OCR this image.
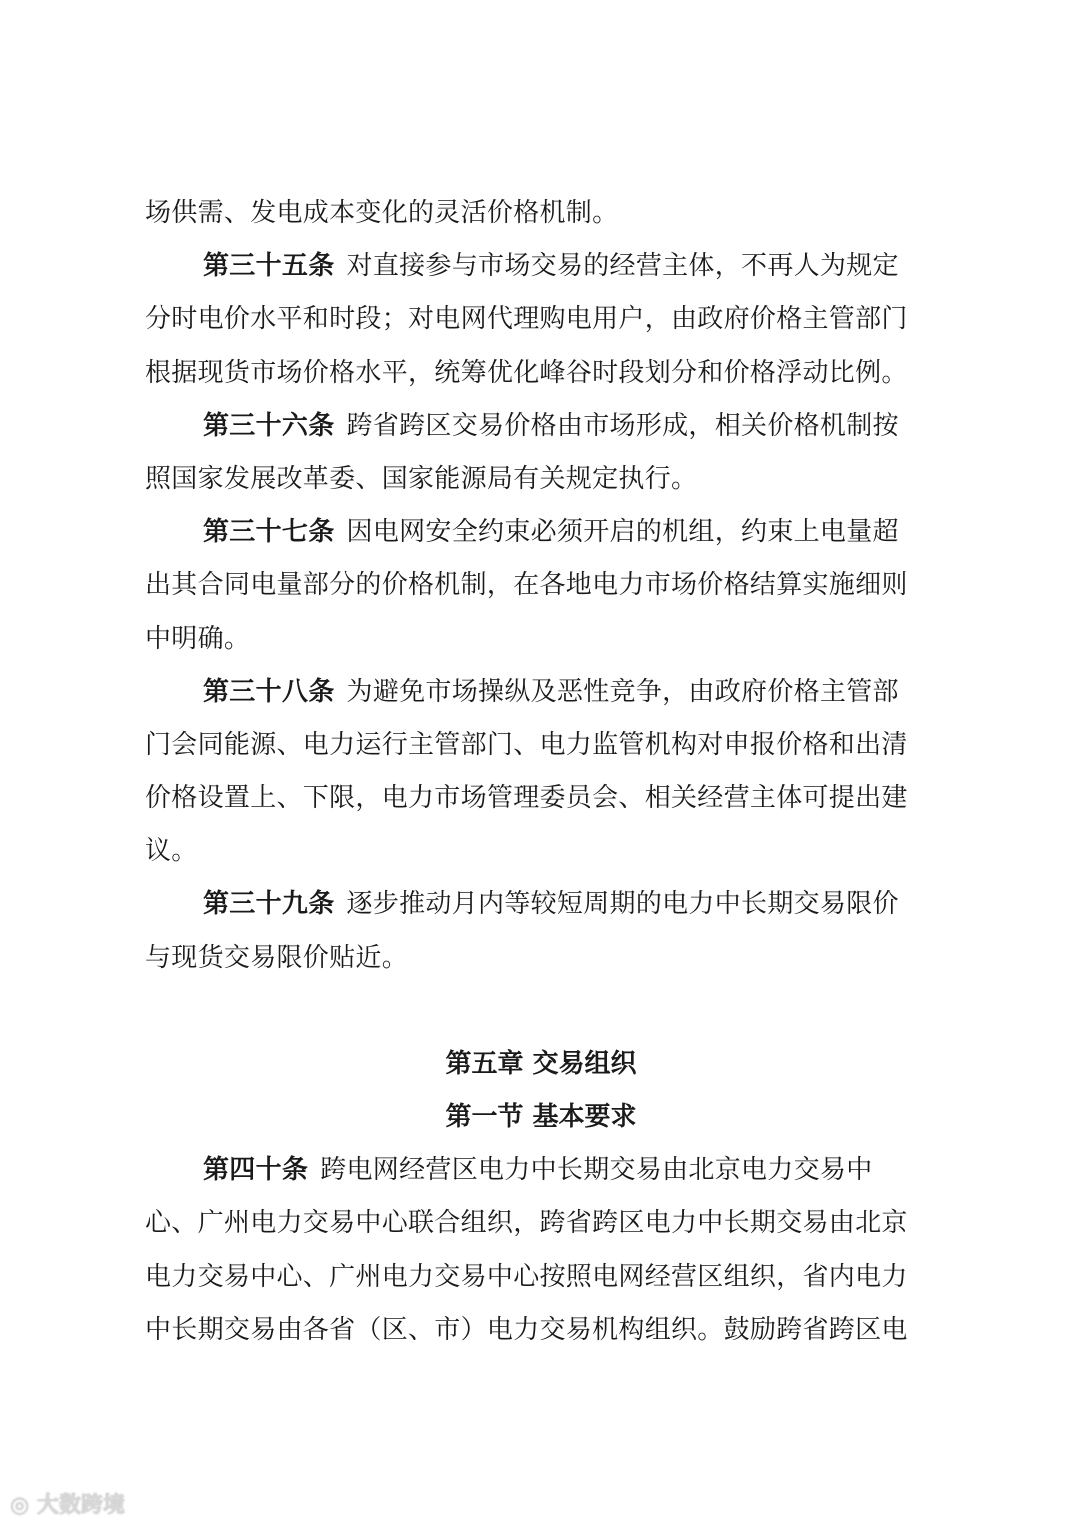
场供需、发电成本变化的灵活价格机制。
第三十五条 对直接参与市场交易的经营主体，不再人为规定
分时电价水平和时段；对电网代理购电用户，由政府价格主管部门
根据现货市场价格水平，统筹优化峰谷时段划分和价格浮动比例。
第三十六条 跨省跨区交易价格由市场形成，相关价格机制按
照国家发展改革委、国家能源局有关规定执行。
第三十七条 因电网安全约束必须开启的机组，约束上电量超
出其合同电量部分的价格机制，在各地电力市场价格结算实施细则
中明确。
第三十八条 为避免市场操纵及恶性竞争，由政府价格主管部
门会同能源、电力运行主管部门、电力监管机构对申报价格和出清
价格设置上、下限，电力市场管理委员会、相关经营主体可提出建
议。
第三十九条 逐步推动月内等较短周期的电力中长期交易限价
与现货交易限价贴近。
第五章 交易组织
第一节 基本要求
第四十条 跨电网经营区电力中长期交易由北京电力交易中
心、广州电力交易中心联合组织，跨省跨区电力中长期交易由北京
电力交易中心、广州电力交易中心按照电网经营区组织，省内电力
中长期交易由各省（区、市）电力交易机构组织。鼓励跨省跨区电
◎ 大数跨境
